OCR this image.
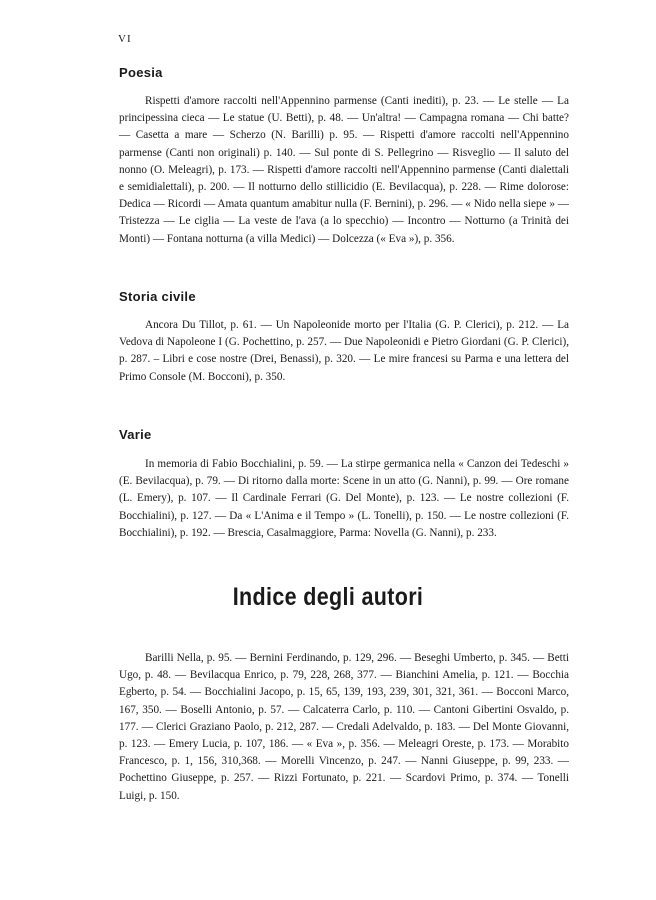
VI
Poesia
Rispetti d'amore raccolti nell'Appennino parmense (Canti inediti), p. 23. — Le stelle — La principessina cieca — Le statue (U. Betti), p. 48. — Un'altra! — Campagna romana — Chi batte? — Casetta a mare — Scherzo (N. Barilli) p. 95. — Rispetti d'amore raccolti nell'Appennino parmense (Canti non originali) p. 140. — Sul ponte di S. Pellegrino — Risveglio — Il saluto del nonno (O. Meleagri), p. 173. — Rispetti d'amore raccolti nell'Appennino parmense (Canti dialettali e semidialettali), p. 200. — Il notturno dello stillicidio (E. Bevilacqua), p. 228. — Rime dolorose: Dedica — Ricordi — Amata quantum amabitur nulla (F. Bernini), p. 296. — « Nido nella siepe » — Tristezza — Le ciglia — La veste de l'ava (a lo specchio) — Incontro — Notturno (a Trinità dei Monti) — Fontana notturna (a villa Medici) — Dolcezza (« Eva »), p. 356.
Storia civile
Ancora Du Tillot, p. 61. — Un Napoleonide morto per l'Italia (G. P. Clerici), p. 212. — La Vedova di Napoleone I (G. Pochettino, p. 257. — Due Napoleonidi e Pietro Giordani (G. P. Clerici), p. 287. – Libri e cose nostre (Drei, Benassi), p. 320. — Le mire francesi su Parma e una lettera del Primo Console (M. Bocconi), p. 350.
Varie
In memoria di Fabio Bocchialini, p. 59. — La stirpe germanica nella « Canzon dei Tedeschi » (E. Bevilacqua), p. 79. — Di ritorno dalla morte: Scene in un atto (G. Nanni), p. 99. — Ore romane (L. Emery), p. 107. — Il Cardinale Ferrari (G. Del Monte), p. 123. — Le nostre collezioni (F. Bocchialini), p. 127. — Da « L'Anima e il Tempo » (L. Tonelli), p. 150. — Le nostre collezioni (F. Bocchialini), p. 192. — Brescia, Casalmaggiore, Parma: Novella (G. Nanni), p. 233.
Indice degli autori
Barilli Nella, p. 95. — Bernini Ferdinando, p. 129, 296. — Beseghi Umberto, p. 345. — Betti Ugo, p. 48. — Bevilacqua Enrico, p. 79, 228, 268, 377. — Bianchini Amelia, p. 121. — Bocchia Egberto, p. 54. — Bocchialini Jacopo, p. 15, 65, 139, 193, 239, 301, 321, 361. — Bocconi Marco, 167, 350. — Boselli Antonio, p. 57. — Calcaterra Carlo, p. 110. — Cantoni Gibertini Osvaldo, p. 177. — Clerici Graziano Paolo, p. 212, 287. — Credali Adelvaldo, p. 183. — Del Monte Giovanni, p. 123. — Emery Lucia, p. 107, 186. — « Eva », p. 356. — Meleagri Oreste, p. 173. — Morabito Francesco, p. 1, 156, 310,368. — Morelli Vincenzo, p. 247. — Nanni Giuseppe, p. 99, 233. — Pochettino Giuseppe, p. 257. — Rizzi Fortunato, p. 221. — Scardovi Primo, p. 374. — Tonelli Luigi, p. 150.
